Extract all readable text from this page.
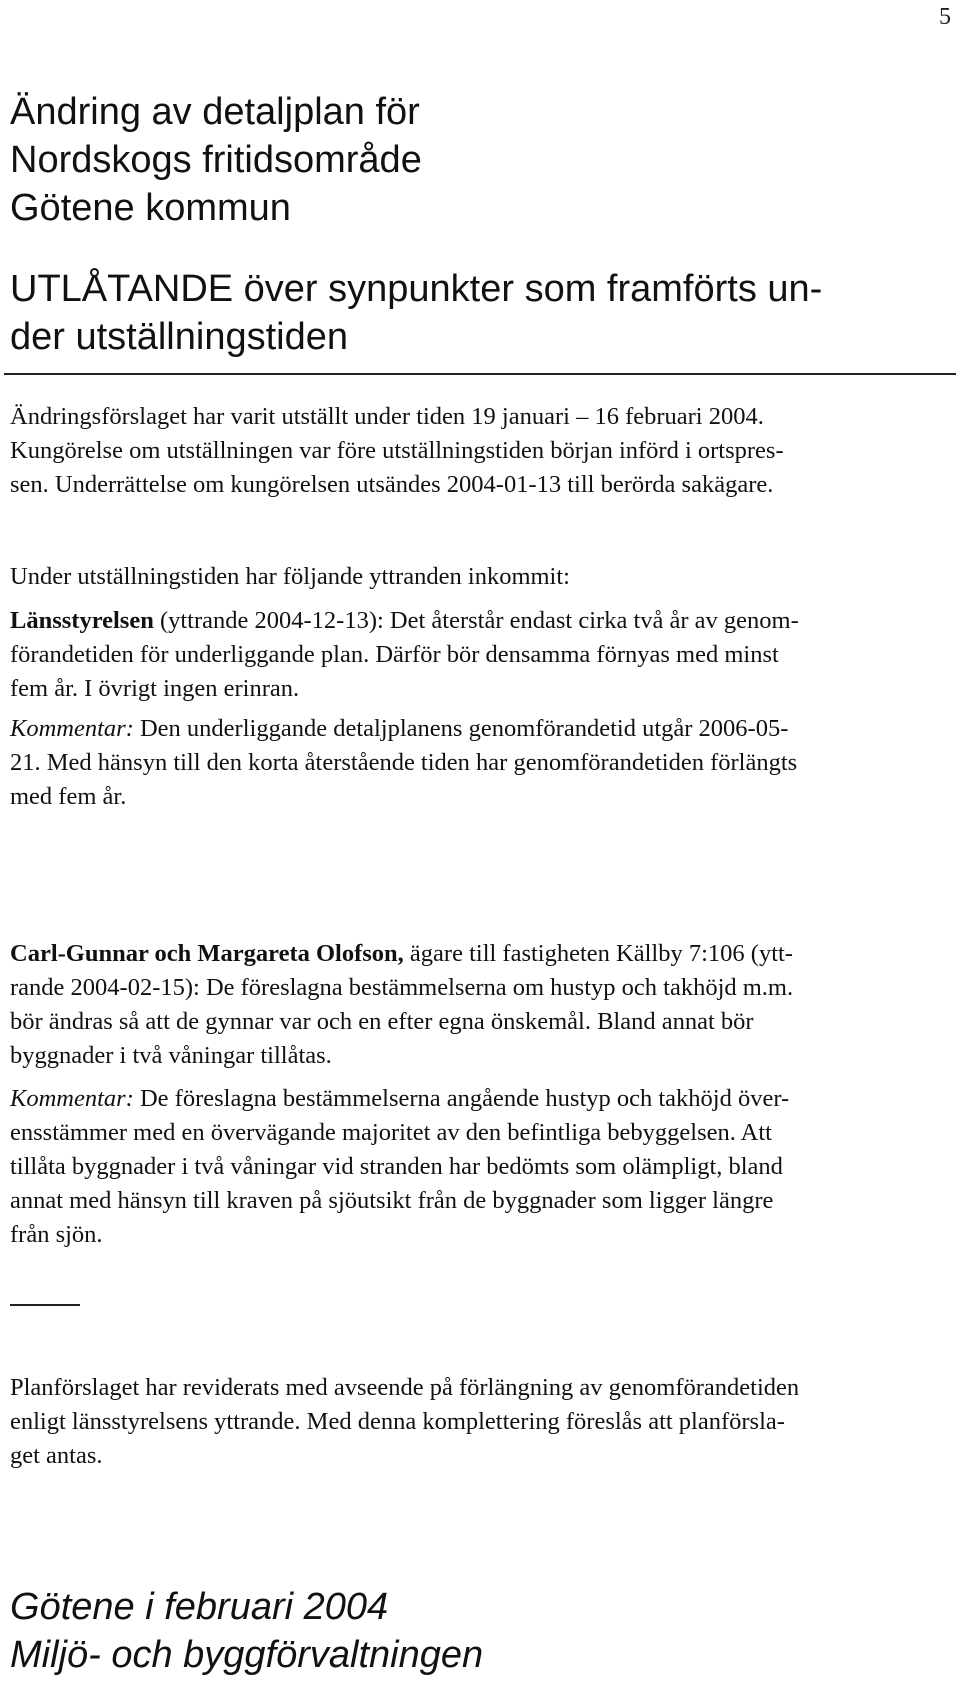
5
Ändring av detaljplan för
Nordskogs fritidsområde
Götene kommun
UTLÅTANDE över synpunkter som framförts un-
der utställningstiden
Ändringsförslaget har varit utställt under tiden 19 januari – 16 februari 2004.
Kungörelse om utställningen var före utställningstiden början införd i ortspres-
sen. Underrättelse om kungörelsen utsändes 2004-01-13 till berörda sakägare.
Under utställningstiden har följande yttranden inkommit:
Länsstyrelsen (yttrande 2004-12-13): Det återstår endast cirka två år av genom-
förandetiden för underliggande plan. Därför bör densamma förnyas med minst
fem år. I övrigt ingen erinran.
Kommentar: Den underliggande detaljplanens genomförandetid utgår 2006-05-
21. Med hänsyn till den korta återstående tiden har genomförandetiden förlängts
med fem år.
Carl-Gunnar och Margareta Olofson, ägare till fastigheten Källby 7:106 (ytt-
rande 2004-02-15): De föreslagna bestämmelserna om hustyp och takhöjd m.m.
bör ändras så att de gynnar var och en efter egna önskemål. Bland annat bör
byggnader i två våningar tillåtas.
Kommentar: De föreslagna bestämmelserna angående hustyp och takhöjd över-
ensstämmer med en övervägande majoritet av den befintliga bebyggelsen. Att
tillåta byggnader i två våningar vid stranden har bedömts som olämpligt, bland
annat med hänsyn till kraven på sjöutsikt från de byggnader som ligger längre
från sjön.
Planförslaget har reviderats med avseende på förlängning av genomförandetiden
enligt länsstyrelsens yttrande. Med denna komplettering föreslås att planförsla-
get antas.
Götene i februari 2004
Miljö- och byggförvaltningen
